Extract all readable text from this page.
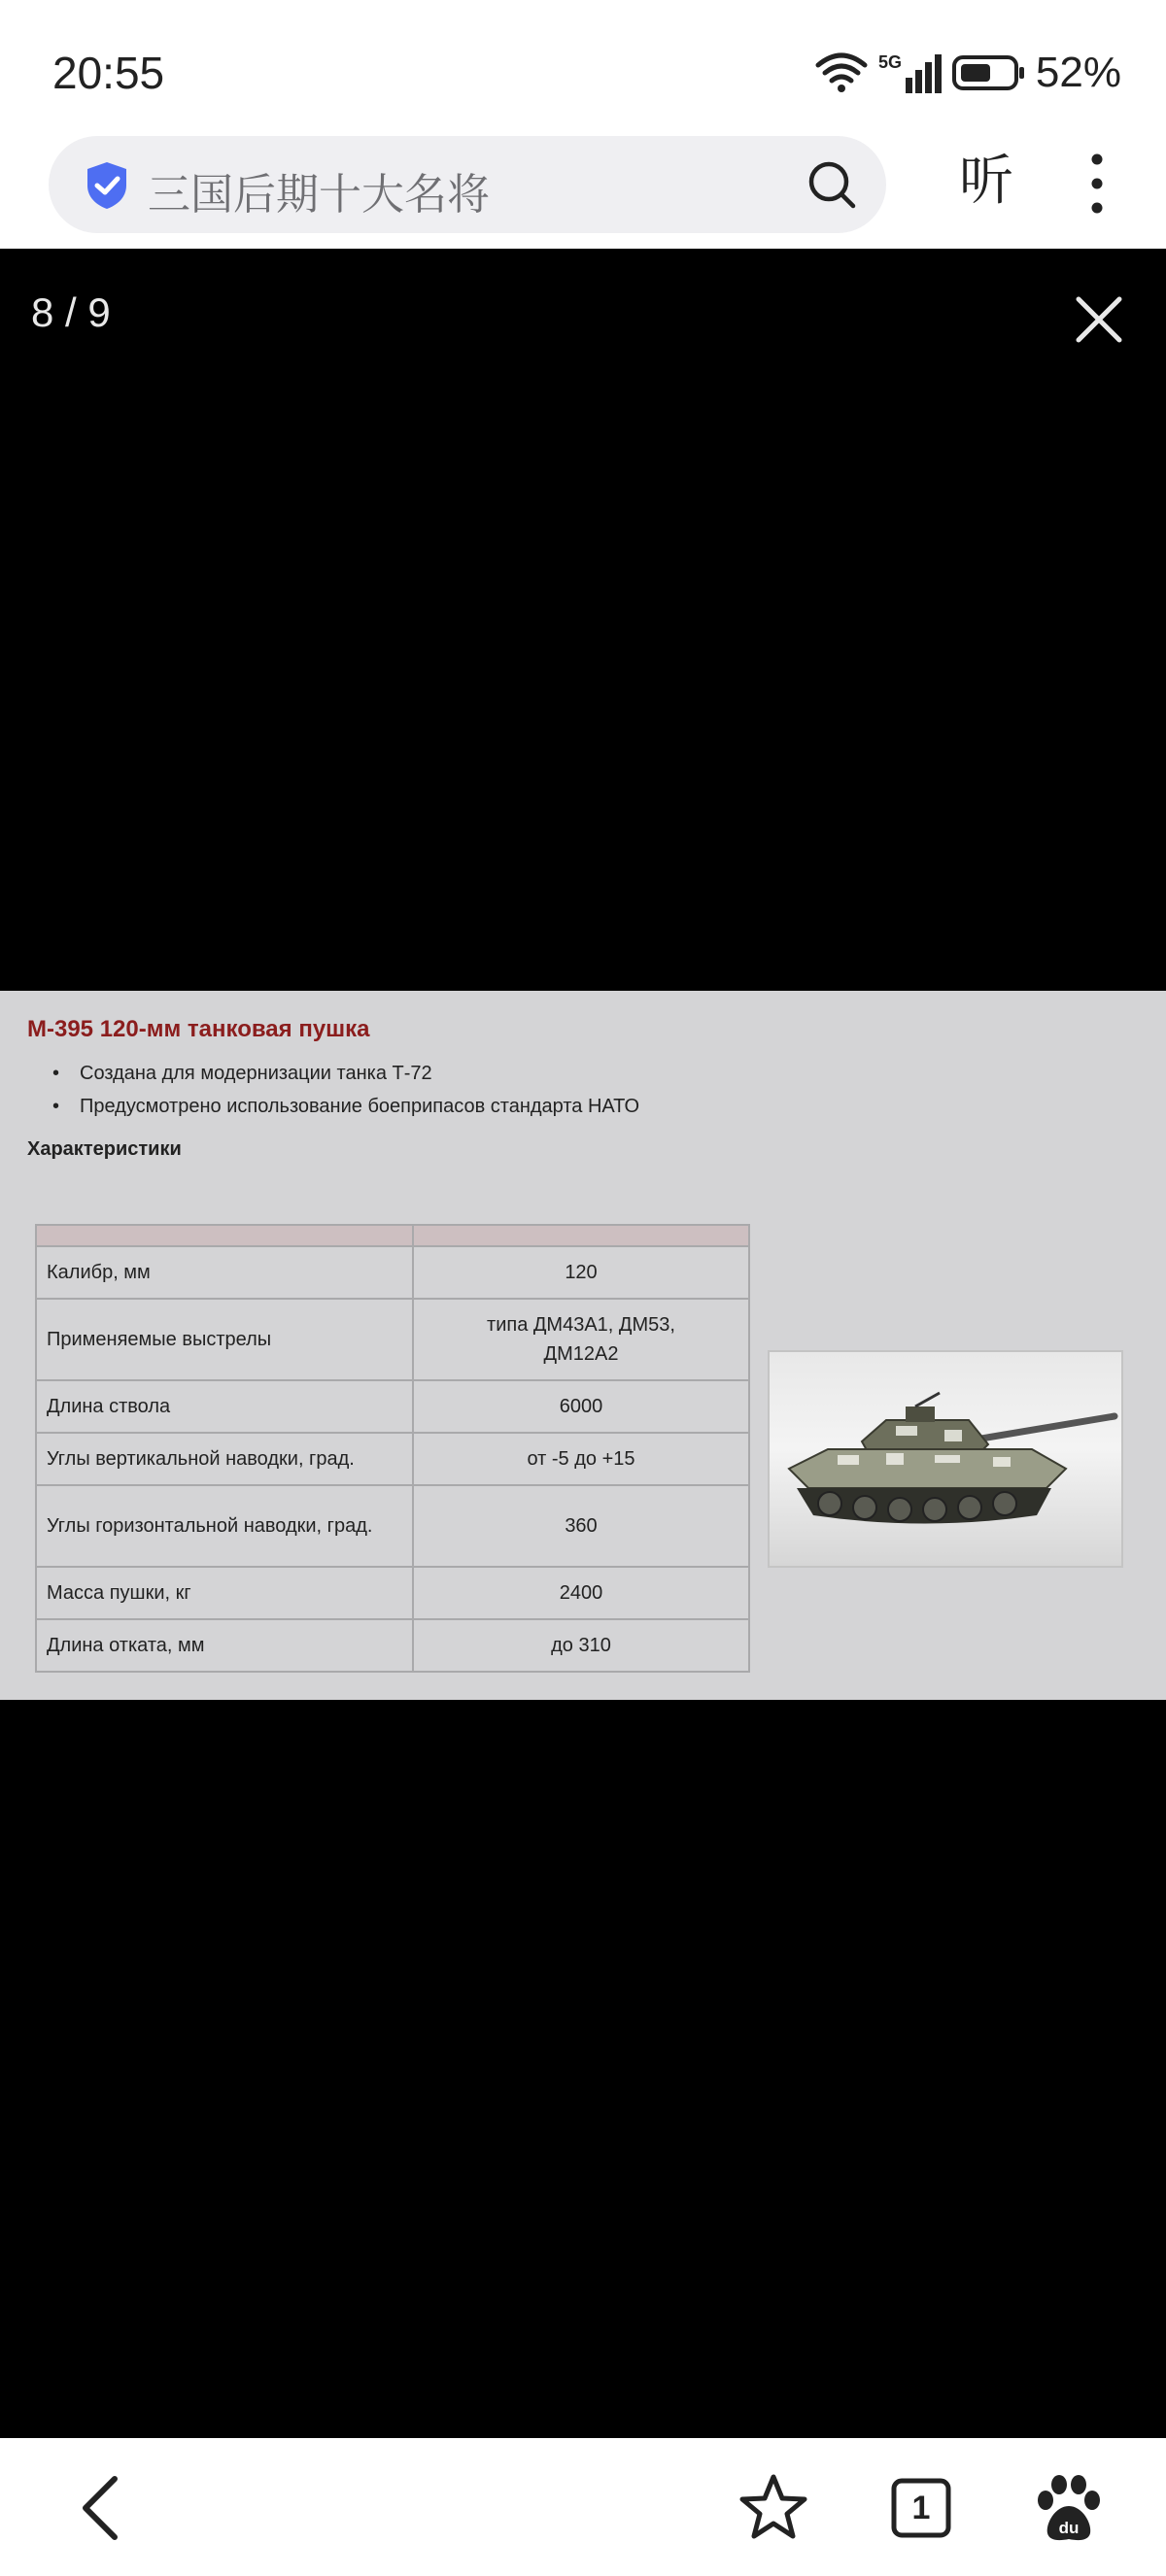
20:55	5G	52%
三国后期十大名将	听
8 / 9
М-395 120-мм танковая пушка
• Создана для модернизации танка Т-72
• Предусмотрено использование боеприпасов стандарта НАТО
Характеристики

Калибр, мм	120
Применяемые выстрелы	типа ДМ43А1, ДМ53, ДМ12А2
Длина ствола	6000
Углы вертикальной наводки, град.	от -5 до +15
Углы горизонтальной наводки, град.	360
Масса пушки, кг	2400
Длина отката, мм	до 310
1
du
